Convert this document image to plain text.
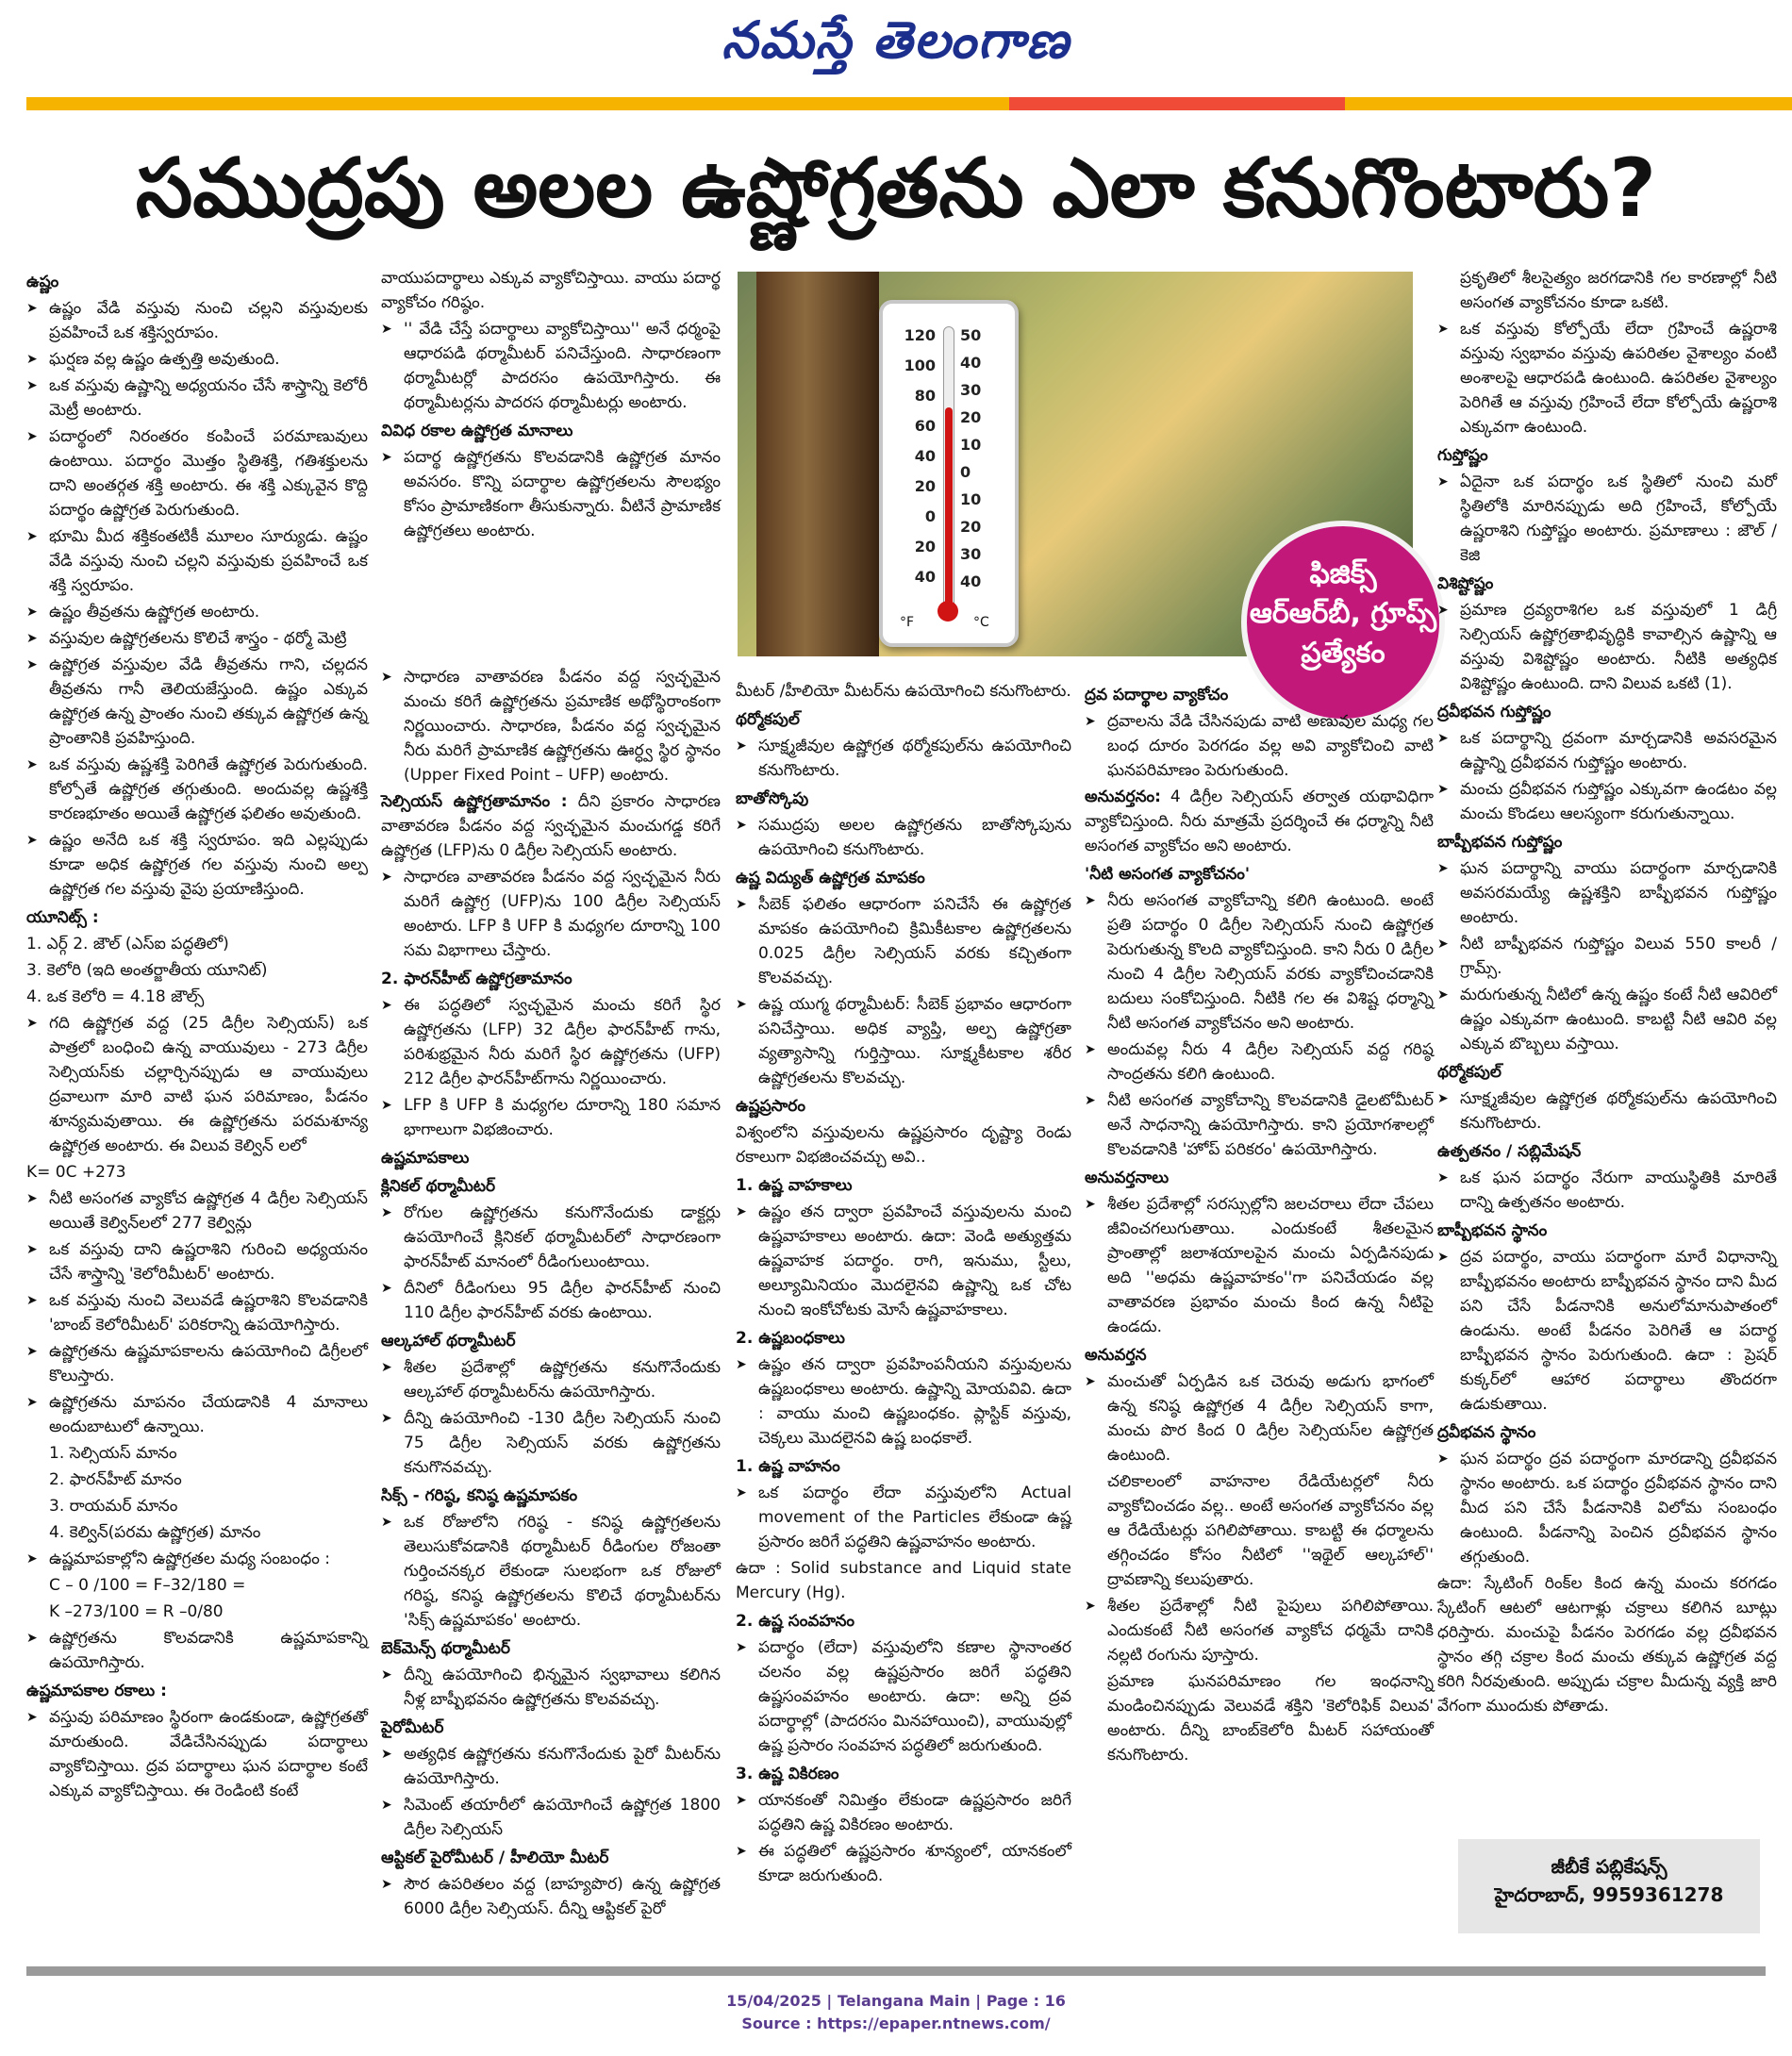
నమస్తే తెలంగాణ
సముద్రపు అలల ఉష్ణోగ్రతను ఎలా కనుగొంటారు?
ఉష్ణం

➤ ఉష్ణం వేడి వస్తువు నుంచి చల్లని వస్తువులకు ప్రవహించే ఒక శక్తిస్వరూపం.

➤ ఘర్షణ వల్ల ఉష్ణం ఉత్పత్తి అవుతుంది.

➤ ఒక వస్తువు ఉష్ణాన్ని అధ్యయనం చేసే శాస్త్రాన్ని కెలోరీ మెట్రీ అంటారు.

➤ పదార్థంలో నిరంతరం కంపించే పరమాణువులు ఉంటాయి. పదార్థం మొత్తం స్థితిశక్తి, గతిశక్తులను దాని అంతర్గత శక్తి అంటారు. ఈ శక్తి ఎక్కువైన కొద్ది పదార్థం ఉష్ణోగ్రత పెరుగుతుంది.

➤ భూమి మీద శక్తికంతటికీ మూలం సూర్యుడు. ఉష్ణం వేడి వస్తువు నుంచి చల్లని వస్తువుకు ప్రవహించే ఒక శక్తి స్వరూపం.

➤ ఉష్ణం తీవ్రతను ఉష్ణోగ్రత అంటారు.

➤ వస్తువుల ఉష్ణోగ్రతలను కొలిచే శాస్త్రం - థర్మో మెట్రి

➤ ఉష్ణోగ్రత వస్తువుల వేడి తీవ్రతను గాని, చల్లదన తీవ్రతను గానీ తెలియజేస్తుంది. ఉష్ణం ఎక్కువ ఉష్ణోగ్రత ఉన్న ప్రాంతం నుంచి తక్కువ ఉష్ణోగ్రత ఉన్న ప్రాంతానికి ప్రవహిస్తుంది.

➤ ఒక వస్తువు ఉష్ణశక్తి పెరిగితే ఉష్ణోగ్రత పెరుగుతుంది. కోల్పోతే ఉష్ణోగ్రత తగ్గుతుంది. అందువల్ల ఉష్ణశక్తి కారణభూతం అయితే ఉష్ణోగ్రత ఫలితం అవుతుంది.

➤ ఉష్ణం అనేది ఒక శక్తి స్వరూపం. ఇది ఎల్లప్పుడు కూడా అధిక ఉష్ణోగ్రత గల వస్తువు నుంచి అల్ప ఉష్ణోగ్రత గల వస్తువు వైపు ప్రయాణిస్తుంది.

యూనిట్స్ :

1. ఎర్గ్ 2. జౌల్ (ఎస్ఐ పద్ధతిలో)

3. కెలోరి (ఇది అంతర్జాతీయ యూనిట్)

4. ఒక కెలోరి = 4.18 జౌల్స్

➤ గది ఉష్ణోగ్రత వద్ద (25 డిగ్రీల సెల్సియస్) ఒక పాత్రలో బంధించి ఉన్న వాయువులు - 273 డిగ్రీల సెల్సియస్‌కు చల్లార్చినప్పుడు ఆ వాయువులు ద్రవాలుగా మారి వాటి ఘన పరిమాణం, పీడనం శూన్యమవుతాయి. ఈ ఉష్ణోగ్రతను పరమశూన్య ఉష్ణోగ్రత అంటారు. ఈ విలువ కెల్విన్ లలో

K= 0C +273

➤ నీటి అసంగత వ్యాకోచ ఉష్ణోగ్రత 4 డిగ్రీల సెల్సియస్ అయితే కెల్విన్‌లలో 277 కెల్విన్లు

➤ ఒక వస్తువు దాని ఉష్ణరాశిని గురించి అధ్యయనం చేసే శాస్త్రాన్ని 'కెలోరిమీటర్' అంటారు.

➤ ఒక వస్తువు నుంచి వెలువడే ఉష్ణరాశిని కొలవడానికి 'బాంబ్ కెలోరిమీటర్' పరికరాన్ని ఉపయోగిస్తారు.

➤ ఉష్ణోగ్రతను ఉష్ణమాపకాలను ఉపయోగించి డిగ్రీలలో కొలుస్తారు.

➤ ఉష్ణోగ్రతను మాపనం చేయడానికి 4 మానాలు అందుబాటులో ఉన్నాయి.

1. సెల్సియస్ మానం

2. ఫారన్‌హీట్ మానం

3. రాయమర్ మానం

4. కెల్విన్(పరమ ఉష్ణోగ్రత) మానం

➤ ఉష్ణమాపకాల్లోని ఉష్ణోగ్రతల మధ్య సంబంధం :

C – 0 /100 = F–32/180 =

K –273/100 = R –0/80

➤ ఉష్ణోగ్రతను కొలవడానికి ఉష్ణమాపకాన్ని ఉపయోగిస్తారు.

ఉష్ణమాపకాల రకాలు :

➤ వస్తువు పరిమాణం స్థిరంగా ఉండకుండా, ఉష్ణోగ్రతతో మారుతుంది. వేడిచేసినప్పుడు పదార్థాలు వ్యాకోచిస్తాయి. ద్రవ పదార్థాలు ఘన పదార్థాల కంటే ఎక్కువ వ్యాకోచిస్తాయి. ఈ రెండింటి కంటే

వాయుపదార్థాలు ఎక్కువ వ్యాకోచిస్తాయి. వాయు పదార్థ వ్యాకోచం గరిష్ఠం.

➤ '' వేడి చేస్తే పదార్థాలు వ్యాకోచిస్తాయి'' అనే ధర్మంపై ఆధారపడి థర్మామీటర్ పనిచేస్తుంది. సాధారణంగా థర్మామీటర్లో పాదరసం ఉపయోగిస్తారు. ఈ థర్మామీటర్లను పాదరస థర్మామీటర్లు అంటారు.

వివిధ రకాల ఉష్ణోగ్రత మానాలు

➤ పదార్థ ఉష్ణోగ్రతను కొలవడానికి ఉష్ణోగ్రత మానం అవసరం. కొన్ని పదార్థాల ఉష్ణోగ్రతలను సౌలభ్యం కోసం ప్రామాణికంగా తీసుకున్నారు. వీటినే ప్రామాణిక ఉష్ణోగ్రతలు అంటారు.

120
100
80
60
40
20
0
20
40
50
40
30
20
10
0
10
20
30
40
°F	°C
ఫిజిక్స్
ఆర్‌ఆర్‌బీ, గ్రూప్స్
ప్రత్యేకం

➤ సాధారణ వాతావరణ పీడనం వద్ద స్వచ్ఛమైన మంచు కరిగే ఉష్ణోగ్రతను ప్రమాణిక అథోస్థిరాంకంగా నిర్ణయించారు. సాధారణ, పీడనం వద్ద స్వచ్ఛమైన నీరు మరిగే ప్రామాణిక ఉష్ణోగ్రతను ఊర్ధ్వ స్థిర స్థానం (Upper Fixed Point – UFP) అంటారు.

సెల్సియస్ ఉష్ణోగ్రతామానం : దీని ప్రకారం సాధారణ వాతావరణ పీడనం వద్ద స్వచ్ఛమైన మంచుగడ్డ కరిగే ఉష్ణోగ్రత (LFP)ను 0 డిగ్రీల సెల్సియస్ అంటారు.

➤ సాధారణ వాతావరణ పీడనం వద్ద స్వచ్ఛమైన నీరు మరిగే ఉష్ణోగ్ర (UFP)ను 100 డిగ్రీల సెల్సియస్ అంటారు. LFP కి UFP కి మధ్యగల దూరాన్ని 100 సమ విభాగాలు చేస్తారు.

2. ఫారన్‌హీట్ ఉష్ణోగ్రతామానం

➤ ఈ పద్ధతిలో స్వచ్ఛమైన మంచు కరిగే స్థిర ఉష్ణోగ్రతను (LFP) 32 డిగ్రీల ఫారన్‌హీట్ గాను, పరిశుభ్రమైన నీరు మరిగే స్థిర ఉష్ణోగ్రతను (UFP) 212 డిగ్రీల ఫారన్‌హీట్‌గాను నిర్ణయించారు.

➤ LFP కి UFP కి మధ్యగల దూరాన్ని 180 సమాన భాగాలుగా విభజించారు.

ఉష్ణమాపకాలు
క్లినికల్ థర్మామీటర్

➤ రోగుల ఉష్ణోగ్రతను కనుగొనేందుకు డాక్టర్లు ఉపయోగించే క్లినికల్ థర్మామీటర్‌లో సాధారణంగా ఫారన్‌హీట్ మానంలో రీడింగులుంటాయి.

➤ దీనిలో రీడింగులు 95 డిగ్రీల ఫారన్‌హీట్ నుంచి 110 డిగ్రీల ఫారన్‌హీట్ వరకు ఉంటాయి.

ఆల్కహాల్ థర్మామీటర్

➤ శీతల ప్రదేశాల్లో ఉష్ణోగ్రతను కనుగొనేందుకు ఆల్కహాల్ థర్మామీటర్‌ను ఉపయోగిస్తారు.

➤ దీన్ని ఉపయోగించి -130 డిగ్రీల సెల్సియస్ నుంచి 75 డిగ్రీల సెల్సియస్ వరకు ఉష్ణోగ్రతను కనుగొనవచ్చు.

సిక్స్ - గరిష్ఠ, కనిష్ఠ ఉష్ణమాపకం

➤ ఒక రోజులోని గరిష్ఠ - కనిష్ఠ ఉష్ణోగ్రతలను తెలుసుకోవడానికి థర్మామీటర్ రీడింగుల రోజంతా గుర్తించనక్కర లేకుండా సులభంగా ఒక రోజులో గరిష్ఠ, కనిష్ఠ ఉష్ణోగ్రతలను కొలిచే థర్మామీటర్‌ను 'సిక్స్ ఉష్ణమాపకం' అంటారు.

బెక్‌మెన్స్ థర్మామీటర్

➤ దీన్ని ఉపయోగించి భిన్నమైన స్వభావాలు కలిగిన నీళ్ల బాష్పీభవనం ఉష్ణోగ్రతను కొలవవచ్చు.

పైరోమీటర్

➤ అత్యధిక ఉష్ణోగ్రతను కనుగొనేందుకు పైరో మీటర్‌ను ఉపయోగిస్తారు.

➤ సిమెంట్ తయారీలో ఉపయోగించే ఉష్ణోగ్రత 1800 డిగ్రీల సెల్సియస్

ఆప్టికల్ పైరోమీటర్ / హీలియో మీటర్

➤ సౌర ఉపరితలం వద్ద (బాహ్యపొర) ఉన్న ఉష్ణోగ్రత 6000 డిగ్రీల సెల్సియస్. దీన్ని ఆప్టికల్ పైరో

మీటర్ /హీలియో మీటర్‌ను ఉపయోగించి కనుగొంటారు.

థర్మోకపుల్

➤ సూక్ష్మజీవుల ఉష్ణోగ్రత థర్మోకపుల్‌ను ఉపయోగించి కనుగొంటారు.

బాతోస్కోపు

➤ సముద్రపు అలల ఉష్ణోగ్రతను బాతోస్కోపును ఉపయోగించి కనుగొంటారు.

ఉష్ణ విద్యుత్ ఉష్ణోగ్రత మాపకం

➤ సీబెక్ ఫలితం ఆధారంగా పనిచేసే ఈ ఉష్ణోగ్రత మాపకం ఉపయోగించి క్రిమికీటకాల ఉష్ణోగ్రతలను 0.025 డిగ్రీల సెల్సియస్ వరకు కచ్చితంగా కొలవవచ్చు.

➤ ఉష్ణ యుగ్మ థర్మామీటర్: సీబెక్ ప్రభావం ఆధారంగా పనిచేస్తాయి. అధిక వ్యాప్తి, అల్ప ఉష్ణోగ్రతా వ్యత్యాసాన్ని గుర్తిస్తాయి. సూక్ష్మకీటకాల శరీర ఉష్ణోగ్రతలను కొలవచ్చు.

ఉష్ణప్రసారం

విశ్వంలోని వస్తువులను ఉష్ణప్రసారం దృష్ట్యా రెండు రకాలుగా విభజించవచ్చు అవి..

1. ఉష్ణ వాహకాలు

➤ ఉష్ణం తన ద్వారా ప్రవహించే వస్తువులను మంచి ఉష్ణవాహకాలు అంటారు. ఉదా: వెండి అత్యుత్తమ ఉష్ణవాహక పదార్థం. రాగి, ఇనుము, స్టీలు, అల్యూమినియం మొదలైనవి ఉష్ణాన్ని ఒక చోట నుంచి ఇంకోచోటకు మోసే ఉష్ణవాహకాలు.

2. ఉష్ణబంధకాలు

➤ ఉష్ణం తన ద్వారా ప్రవహింపనీయని వస్తువులను ఉష్ణబంధకాలు అంటారు. ఉష్ణాన్ని మోయవివి. ఉదా : వాయు మంచి ఉష్ణబంధకం. ప్లాస్టిక్ వస్తువు, చెక్కలు మొదలైనవి ఉష్ణ బంధకాలే.

1. ఉష్ణ వాహనం

➤ ఒక పదార్థం లేదా వస్తువులోని Actual movement of the Particles లేకుండా ఉష్ణ ప్రసారం జరిగే పద్ధతిని ఉష్ణవాహనం అంటారు.

ఉదా : Solid substance and Liquid state Mercury (Hg).

2. ఉష్ణ సంవహనం

➤ పదార్థం (లేదా) వస్తువులోని కణాల స్థానాంతర చలనం వల్ల ఉష్ణప్రసారం జరిగే పద్ధతిని ఉష్ణసంవహనం అంటారు. ఉదా: అన్ని ద్రవ పదార్థాల్లో (పాదరసం మినహాయించి), వాయువుల్లో ఉష్ణ ప్రసారం సంవహన పద్ధతిలో జరుగుతుంది.

3. ఉష్ణ వికిరణం

➤ యానకంతో నిమిత్తం లేకుండా ఉష్ణప్రసారం జరిగే పద్ధతిని ఉష్ణ వికిరణం అంటారు.

➤ ఈ పద్ధతిలో ఉష్ణప్రసారం శూన్యంలో, యానకంలో కూడా జరుగుతుంది.

ద్రవ పదార్థాల వ్యాకోచం

➤ ద్రవాలను వేడి చేసినపుడు వాటి అణువుల మధ్య గల బంధ దూరం పెరగడం వల్ల అవి వ్యాకోచించి వాటి ఘనపరిమాణం పెరుగుతుంది.

అనువర్తనం: 4 డిగ్రీల సెల్సియస్ తర్వాత యథావిధిగా వ్యాకోచిస్తుంది. నీరు మాత్రమే ప్రదర్శించే ఈ ధర్మాన్ని నీటి అసంగత వ్యాకోచం అని అంటారు.

'నీటి అసంగత వ్యాకోచనం'

➤ నీరు అసంగత వ్యాకోచాన్ని కలిగి ఉంటుంది. అంటే ప్రతి పదార్థం 0 డిగ్రీల సెల్సియస్ నుంచి ఉష్ణోగ్రత పెరుగుతున్న కొలది వ్యాకోచిస్తుంది. కాని నీరు 0 డిగ్రీల నుంచి 4 డిగ్రీల సెల్సియస్ వరకు వ్యాకోచించడానికి బదులు సంకోచిస్తుంది. నీటికి గల ఈ విశిష్ట ధర్మాన్ని నీటి అసంగత వ్యాకోచనం అని అంటారు.

➤ అందువల్ల నీరు 4 డిగ్రీల సెల్సియస్ వద్ద గరిష్ఠ సాంద్రతను కలిగి ఉంటుంది.

➤ నీటి అసంగత వ్యాకోచాన్ని కొలవడానికి డైలటోమీటర్ అనే సాధనాన్ని ఉపయోగిస్తారు. కాని ప్రయోగశాలల్లో కొలవడానికి 'హోప్ పరికరం' ఉపయోగిస్తారు.

అనువర్తనాలు

➤ శీతల ప్రదేశాల్లో సరస్సుల్లోని జలచరాలు లేదా చేపలు జీవించగలుగుతాయి. ఎందుకంటే శీతలమైన ప్రాంతాల్లో జలాశయాలపైన మంచు ఏర్పడినపుడు అది ''అధమ ఉష్ణవాహకం''గా పనిచేయడం వల్ల వాతావరణ ప్రభావం మంచు కింద ఉన్న నీటిపై ఉండదు.

అనువర్తన

➤ మంచుతో ఏర్పడిన ఒక చెరువు అడుగు భాగంలో ఉన్న కనిష్ఠ ఉష్ణోగ్రత 4 డిగ్రీల సెల్సియస్ కాగా, మంచు పొర కింద 0 డిగ్రీల సెల్సియస్‌ల ఉష్ణోగ్రత ఉంటుంది.

చలికాలంలో వాహనాల రేడియేటర్లలో నీరు వ్యాకోచించడం వల్ల.. అంటే అసంగత వ్యాకోచనం వల్ల ఆ రేడియేటర్లు పగిలిపోతాయి. కాబట్టి ఈ ధర్మాలను తగ్గించడం కోసం నీటిలో ''ఇథైల్ ఆల్కహాల్'' ద్రావణాన్ని కలుపుతారు.

➤ శీతల ప్రదేశాల్లో నీటి పైపులు పగిలిపోతాయి. ఎందుకంటే నీటి అసంగత వ్యాకోచ ధర్మమే దానికి నల్లటి రంగును పూస్తారు.

ప్రమాణ ఘనపరిమాణం గల ఇంధనాన్ని మండించినప్పుడు వెలువడే శక్తిని 'కెలోరిఫిక్ విలువ' అంటారు. దీన్ని బాంబ్‌కెలోరి మీటర్ సహాయంతో కనుగొంటారు.

ప్రకృతిలో శీలసైత్యం జరగడానికి గల కారణాల్లో నీటి అసంగత వ్యాకోచనం కూడా ఒకటి.

➤ ఒక వస్తువు కోల్పోయే లేదా గ్రహించే ఉష్ణరాశి వస్తువు స్వభావం వస్తువు ఉపరితల వైశాల్యం వంటి అంశాలపై ఆధారపడి ఉంటుంది. ఉపరితల వైశాల్యం పెరిగితే ఆ వస్తువు గ్రహించే లేదా కోల్పోయే ఉష్ణరాశి ఎక్కువగా ఉంటుంది.

గుప్తోష్ణం

➤ ఏదైనా ఒక పదార్థం ఒక స్థితిలో నుంచి మరో స్థితిలోకి మారినప్పుడు అది గ్రహించే, కోల్పోయే ఉష్ణరాశిని గుప్తోష్ణం అంటారు. ప్రమాణాలు : జౌల్ / కెజి

విశిష్టోష్ణం

➤ ప్రమాణ ద్రవ్యరాశిగల ఒక వస్తువులో 1 డిగ్రీ సెల్సియస్ ఉష్ణోగ్రతాభివృద్ధికి కావాల్సిన ఉష్ణాన్ని ఆ వస్తువు విశిష్టోష్ణం అంటారు. నీటికి అత్యధిక విశిష్టోష్ణం ఉంటుంది. దాని విలువ ఒకటి (1).

ద్రవీభవన గుప్తోష్ణం

➤ ఒక పదార్థాన్ని ద్రవంగా మార్చడానికి అవసరమైన ఉష్ణాన్ని ద్రవీభవన గుప్తోష్ణం అంటారు.

➤ మంచు ద్రవీభవన గుప్తోష్ణం ఎక్కువగా ఉండటం వల్ల మంచు కొండలు ఆలస్యంగా కరుగుతున్నాయి.

బాష్పీభవన గుప్తోష్ణం

➤ ఘన పదార్థాన్ని వాయు పదార్థంగా మార్చడానికి అవసరమయ్యే ఉష్ణశక్తిని బాష్పీభవన గుప్తోష్ణం అంటారు.

➤ నీటి బాష్పీభవన గుప్తోష్ణం విలువ 550 కాలరీ / గ్రామ్స్.

➤ మరుగుతున్న నీటిలో ఉన్న ఉష్ణం కంటే నీటి ఆవిరిలో ఉష్ణం ఎక్కువగా ఉంటుంది. కాబట్టి నీటి ఆవిరి వల్ల ఎక్కువ బొబ్బలు వస్తాయి.

థర్మోకపుల్

➤ సూక్ష్మజీవుల ఉష్ణోగ్రత థర్మోకపుల్‌ను ఉపయోగించి కనుగొంటారు.

ఉత్పతనం / సబ్లిమేషన్

➤ ఒక ఘన పదార్థం నేరుగా వాయుస్థితికి మారితే దాన్ని ఉత్పతనం అంటారు.

బాష్పీభవన స్థానం

➤ ద్రవ పదార్థం, వాయు పదార్థంగా మారే విధానాన్ని బాష్పీభవనం అంటారు బాష్పీభవన స్థానం దాని మీద పని చేసే పీడనానికి అనులోమానుపాతంలో ఉండును. అంటే పీడనం పెరిగితే ఆ పదార్థ బాష్పీభవన స్థానం పెరుగుతుంది. ఉదా : ప్రెషర్ కుక్కర్‌లో ఆహార పదార్థాలు తొందరగా ఉడుకుతాయి.

ద్రవీభవన స్థానం

➤ ఘన పదార్థం ద్రవ పదార్థంగా మారడాన్ని ద్రవీభవన స్థానం అంటారు. ఒక పదార్థం ద్రవీభవన స్థానం దాని మీద పని చేసే పీడనానికి విలోమ సంబంధం ఉంటుంది. పీడనాన్ని పెంచిన ద్రవీభవన స్థానం తగ్గుతుంది.

ఉదా: స్కేటింగ్ రింక్‌ల కింద ఉన్న మంచు కరగడం స్కేటింగ్ ఆటలో ఆటగాళ్లు చక్రాలు కలిగిన బూట్లు ధరిస్తారు. మంచుపై పీడనం పెరగడం వల్ల ద్రవీభవన స్థానం తగ్గి చక్రాల కింద మంచు తక్కువ ఉష్ణోగ్రత వద్ద కరిగి నీరవుతుంది. అప్పుడు చక్రాల మీదున్న వ్యక్తి జారి వేగంగా ముందుకు పోతాడు.

జీబీకే పబ్లికేషన్స్
హైదరాబాద్, 9959361278
15/04/2025 | Telangana Main | Page : 16
Source : https://epaper.ntnews.com/
